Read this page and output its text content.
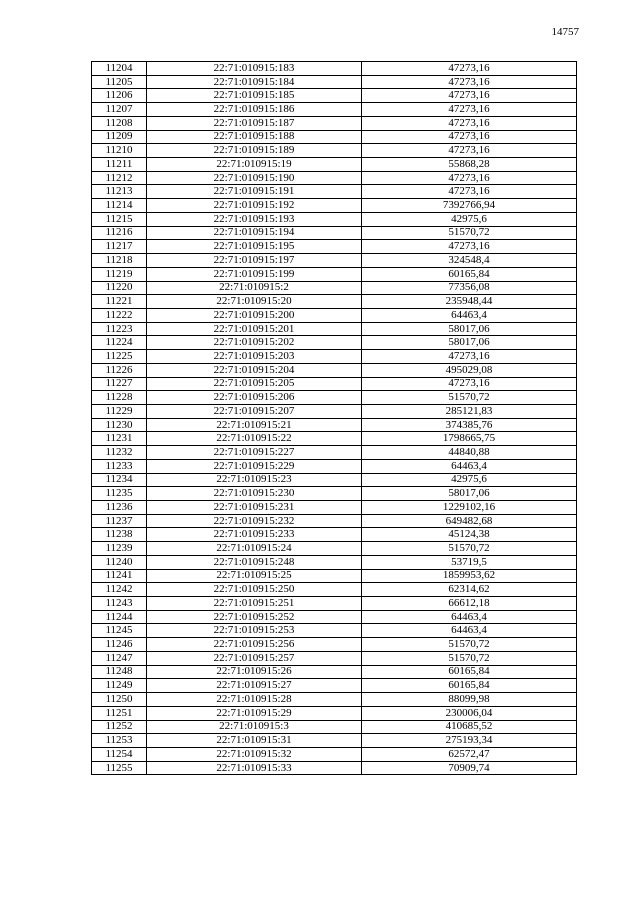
14757
11204	22:71:010915:183	47273,16
11205	22:71:010915:184	47273,16
11206	22:71:010915:185	47273,16
11207	22:71:010915:186	47273,16
11208	22:71:010915:187	47273,16
11209	22:71:010915:188	47273,16
11210	22:71:010915:189	47273,16
11211	22:71:010915:19	55868,28
11212	22:71:010915:190	47273,16
11213	22:71:010915:191	47273,16
11214	22:71:010915:192	7392766,94
11215	22:71:010915:193	42975,6
11216	22:71:010915:194	51570,72
11217	22:71:010915:195	47273,16
11218	22:71:010915:197	324548,4
11219	22:71:010915:199	60165,84
11220	22:71:010915:2	77356,08
11221	22:71:010915:20	235948,44
11222	22:71:010915:200	64463,4
11223	22:71:010915:201	58017,06
11224	22:71:010915:202	58017,06
11225	22:71:010915:203	47273,16
11226	22:71:010915:204	495029,08
11227	22:71:010915:205	47273,16
11228	22:71:010915:206	51570,72
11229	22:71:010915:207	285121,83
11230	22:71:010915:21	374385,76
11231	22:71:010915:22	1798665,75
11232	22:71:010915:227	44840,88
11233	22:71:010915:229	64463,4
11234	22:71:010915:23	42975,6
11235	22:71:010915:230	58017,06
11236	22:71:010915:231	1229102,16
11237	22:71:010915:232	649482,68
11238	22:71:010915:233	45124,38
11239	22:71:010915:24	51570,72
11240	22:71:010915:248	53719,5
11241	22:71:010915:25	1859953,62
11242	22:71:010915:250	62314,62
11243	22:71:010915:251	66612,18
11244	22:71:010915:252	64463,4
11245	22:71:010915:253	64463,4
11246	22:71:010915:256	51570,72
11247	22:71:010915:257	51570,72
11248	22:71:010915:26	60165,84
11249	22:71:010915:27	60165,84
11250	22:71:010915:28	88099,98
11251	22:71:010915:29	230006,04
11252	22:71:010915:3	410685,52
11253	22:71:010915:31	275193,34
11254	22:71:010915:32	62572,47
11255	22:71:010915:33	70909,74
